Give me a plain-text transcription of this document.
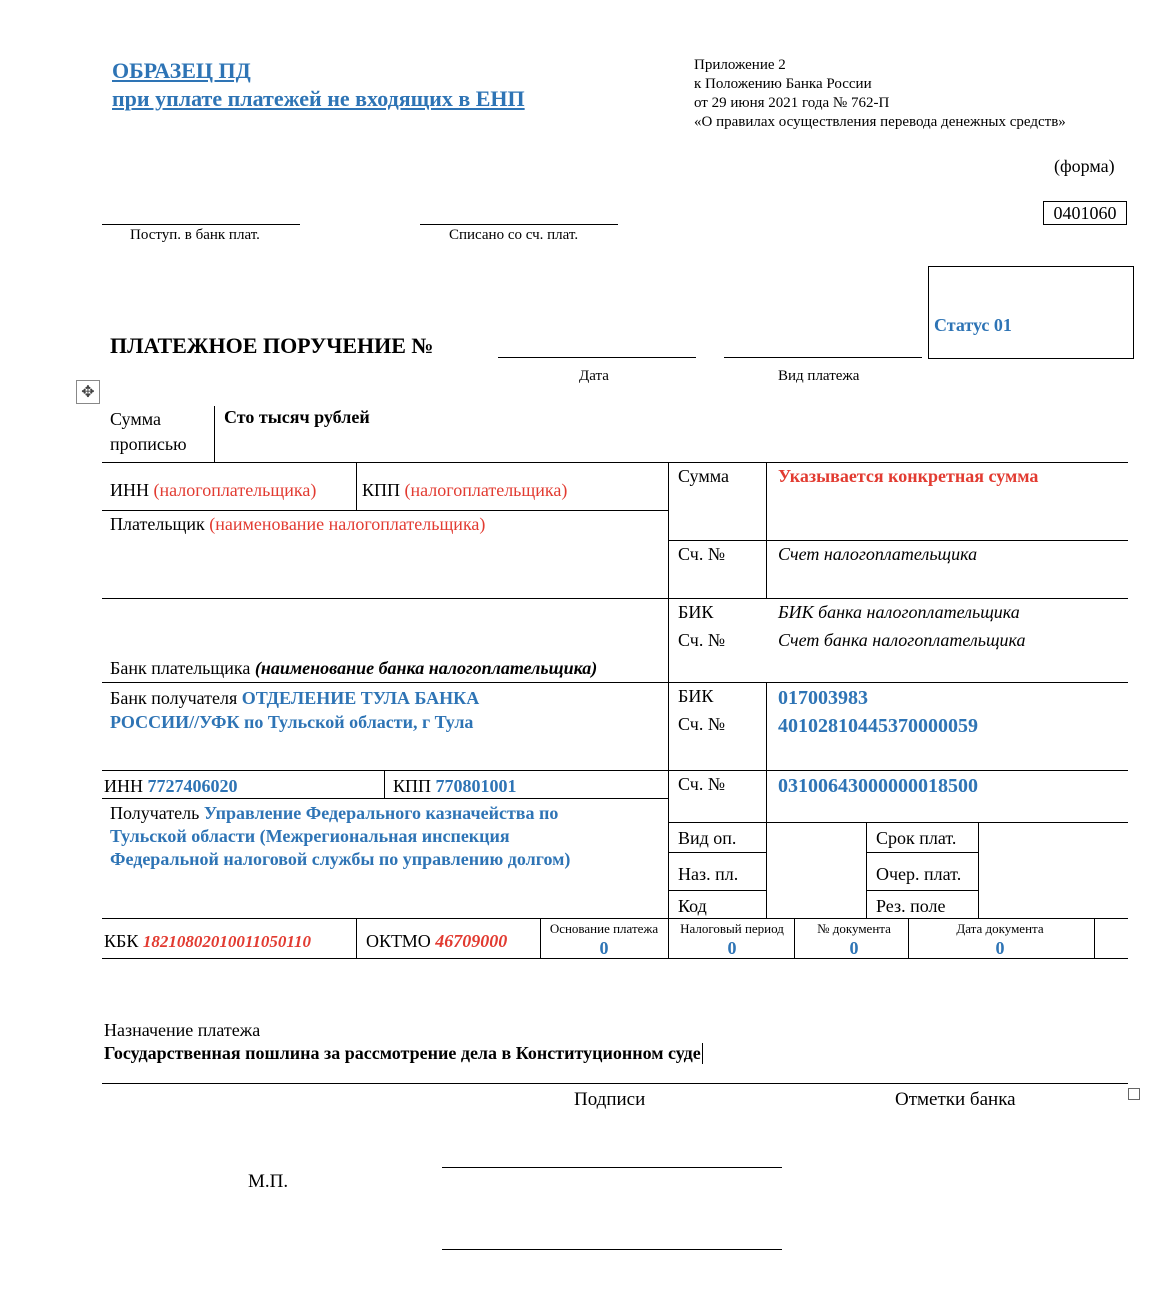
ОБРАЗЕЦ ПД
при уплате платежей не входящих в ЕНП
Приложение 2
к Положению Банка России
от 29 июня 2021 года № 762-П
«О правилах осуществления перевода денежных средств»
(форма)
0401060
Поступ. в банк плат.	Списано со сч. плат.
Статус 01
ПЛАТЕЖНОЕ ПОРУЧЕНИЕ №
Дата	Вид платежа
✥
Сумма
прописью
Сто тысяч рублей
ИНН (налогоплательщика)	КПП (налогоплательщика)
Сумма	Указывается конкретная сумма
Плательщик (наименование налогоплательщика)
Сч. №	Счет налогоплательщика
БИК	БИК банка налогоплательщика
Сч. №	Счет банка налогоплательщика
Банк плательщика (наименование банка налогоплательщика)
Банк получателя ОТДЕЛЕНИЕ ТУЛА БАНКА
РОССИИ//УФК по Тульской области, г Тула
БИК	017003983
Сч. №	40102810445370000059
ИНН 7727406020	КПП 770801001	Сч. №	03100643000000018500
Получатель Управление Федерального казначейства по
Тульской области (Межрегиональная инспекция
Федеральной налоговой службы по управлению долгом)
Вид оп.	Срок плат.
Наз. пл.	Очер. плат.
Код	Рез. поле
КБК 18210802010011050110	ОКТМО 46709000
Основание платежа
0
Налоговый период
0
№ документа
0
Дата документа
0
Назначение платежа
Государственная пошлина за рассмотрение дела в Конституционном суде
Подписи	Отметки банка
М.П.
